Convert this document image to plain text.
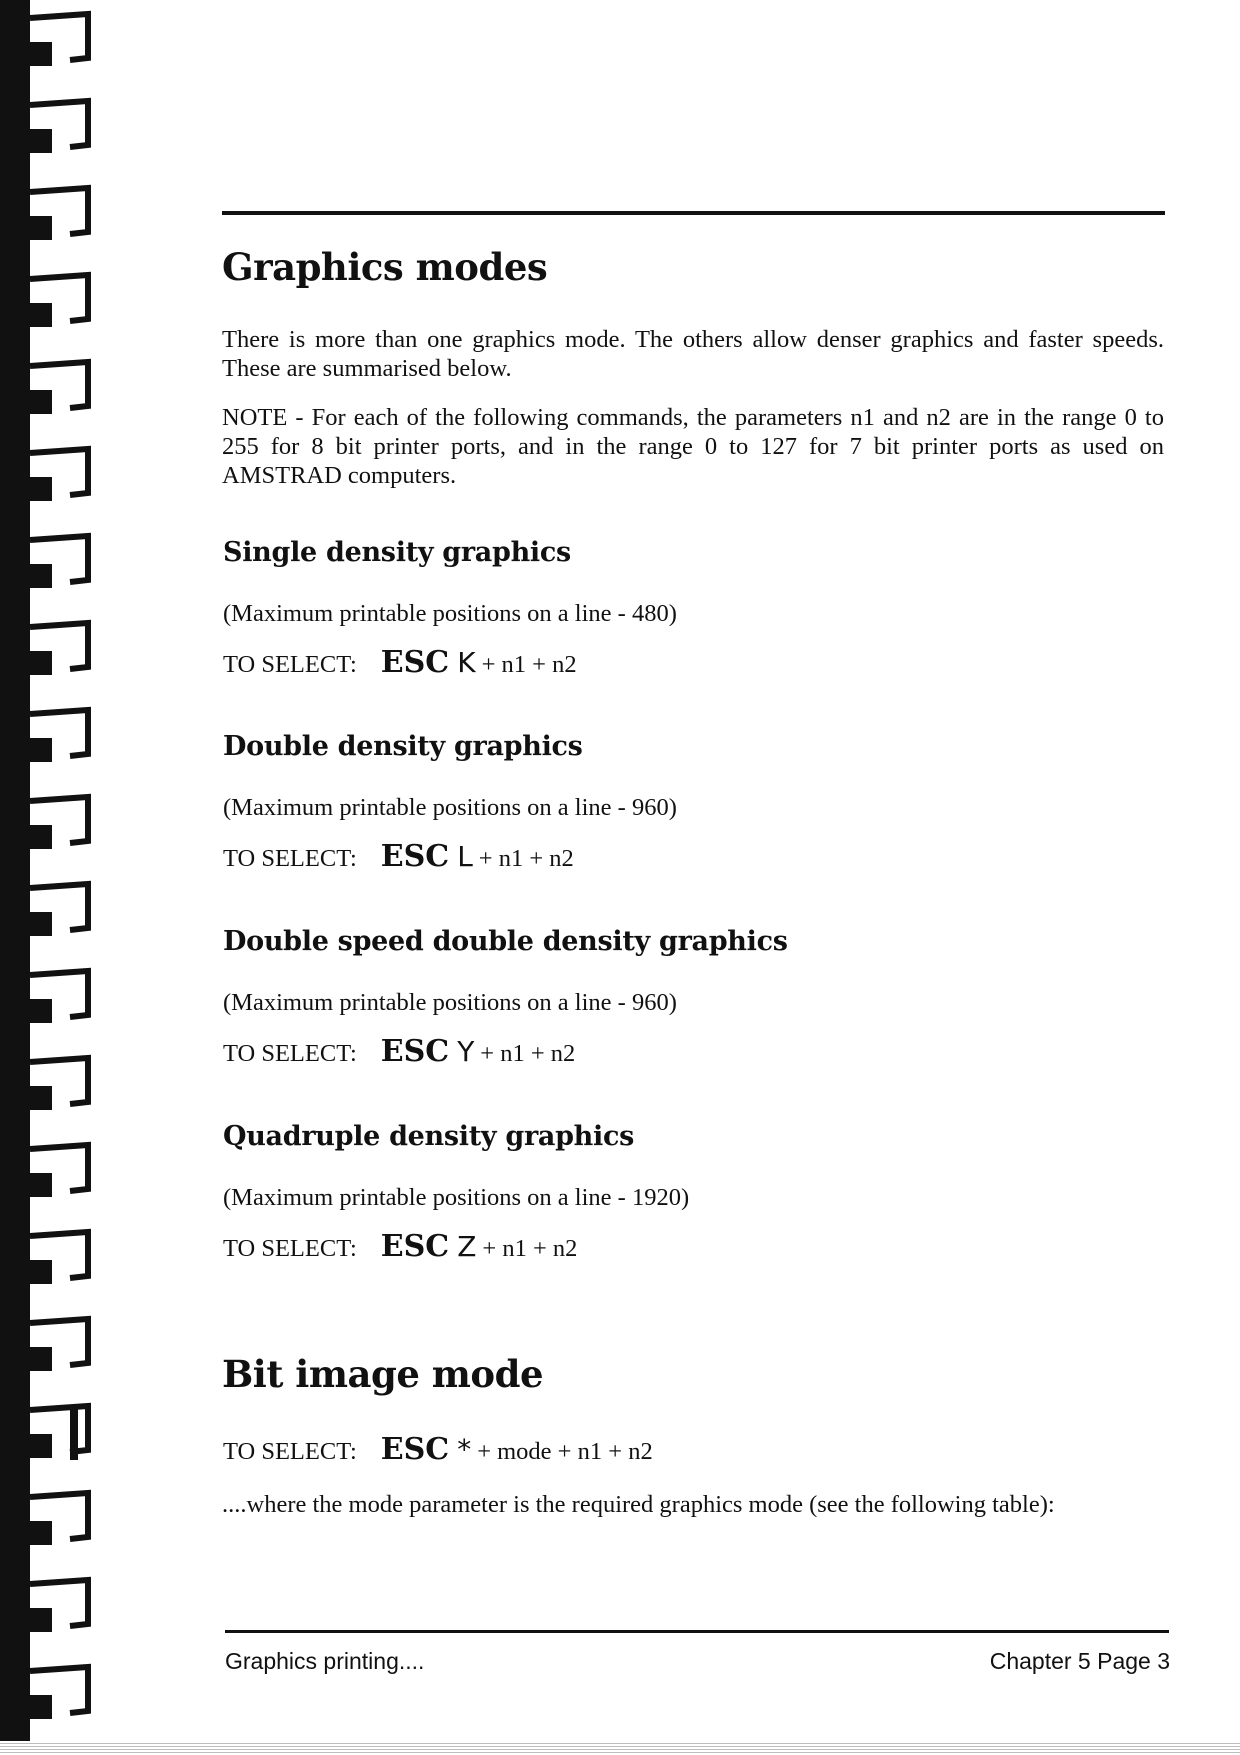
Graphics modes

There is more than one graphics mode. The others allow denser graphics and faster speeds. These are summarised below.

NOTE - For each of the following commands, the parameters n1 and n2 are in the range 0 to 255 for 8 bit printer ports, and in the range 0 to 127 for 7 bit printer ports as used on AMSTRAD computers.

Single density graphics

(Maximum printable positions on a line - 480)

TO SELECT: ESC K + n1 + n2

Double density graphics

(Maximum printable positions on a line - 960)

TO SELECT: ESC L + n1 + n2

Double speed double density graphics

(Maximum printable positions on a line - 960)

TO SELECT: ESC Y + n1 + n2

Quadruple density graphics

(Maximum printable positions on a line - 1920)

TO SELECT: ESC Z + n1 + n2

Bit image mode

TO SELECT: ESC * + mode + n1 + n2

....where the mode parameter is the required graphics mode (see the following table):

Graphics printing....	Chapter 5 Page 3
